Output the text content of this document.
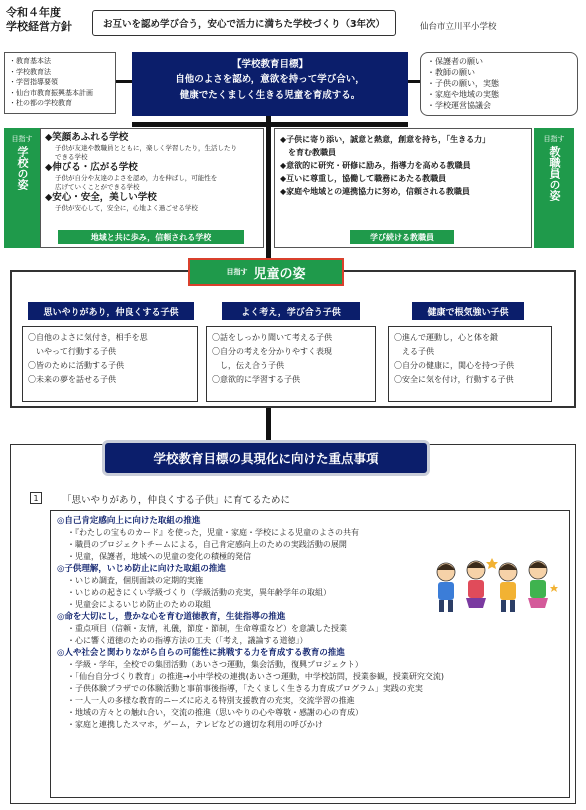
令和４年度
学校経営方針	お互いを認め学び合う，安心で活力に満ちた学校づくり（3年次）	仙台市立川平小学校
・教育基本法
・学校教育法
・学習指導要領
・仙台市教育振興基本計画
・杜の都の学校教育
【学校教育目標】
自他のよさを認め，意欲を持って学び合い，
健康でたくましく生きる児童を育成する。
・保護者の願い
・教師の願い
・子供の願い，実態
・家庭や地域の実態
・学校運営協議会
目指す
学校の姿
◆笑顔あふれる学校
子供が友達や教職員とともに，楽しく学習したり，生活したり
できる学校
◆伸びる・広がる学校
子供が自分や友達のよさを認め，力を伸ばし，可能性を
広げていくことができる学校
◆安心・安全，美しい学校
子供が安心して，安全に，心地よく過ごせる学校
地域と共に歩み，信頼される学校
◆子供に寄り添い，誠意と熱意，創意を持ち，「生きる力」
　を育む教職員
◆意欲的に研究・研修に励み，指導力を高める教職員
◆互いに尊重し，協働して職務にあたる教職員
◆家庭や地域との連携協力に努め，信頼される教職員
学び続ける教職員
目指す
教職員の姿
目指す 児童の姿
思いやりがあり，仲良くする子供
〇自他のよさに気付き，相手を思
　いやって行動する子供
〇皆のために活動する子供
〇未来の夢を話せる子供
よく考え，学び合う子供
〇話をしっかり聞いて考える子供
〇自分の考えを分かりやすく表現
　し，伝え合う子供
〇意欲的に学習する子供
健康で根気強い子供
〇進んで運動し，心と体を鍛
　える子供
〇自分の健康に，関心を持つ子供
〇安全に気を付け，行動する子供
学校教育目標の具現化に向けた重点事項
1	「思いやりがあり，仲良くする子供」に育てるために
◎自己肯定感向上に向けた取組の推進
・『わたしの宝ものカード』を使った，児童・家庭・学校による児童のよさの共有
・職員のプロジェクトチームによる，自己肯定感向上のための実践活動の展開
・児童，保護者，地域への児童の変化の積極的発信
◎子供理解，いじめ防止に向けた取組の推進
・いじめ調査，個別面談の定期的実施
・いじめの起きにくい学級づくり（学級活動の充実，異年齢学年の取組）
・児童会によるいじめ防止のための取組
◎命を大切にし，豊かな心を育む道徳教育，生徒指導の推進
・重点項目（信頼・友情，礼儀，節度・節制，生命尊重など）を意識した授業
・心に響く道徳のための指導方法の工夫（「考え，議論する道徳」）
◎人や社会と関わりながら自らの可能性に挑戦する力を育成する教育の推進
・学級・学年，全校での集団活動（あいさつ運動，集会活動，復興プロジェクト）
・「仙台自分づくり教育」の推進→小中学校の連携(あいさつ運動，中学校訪問，授業参観，授業研究交流)
・子供体験プラザでの体験活動と事前事後指導，「たくましく生きる力育成プログラム」実践の充実
・一人一人の多様な教育的ニーズに応える特別支援教育の充実，交流学習の推進
・地域の方々との触れ合い，交流の推進（思いやりの心や尊敬・感謝の心の育成）
・家庭と連携したスマホ，ゲーム，テレビなどの適切な利用の呼びかけ
